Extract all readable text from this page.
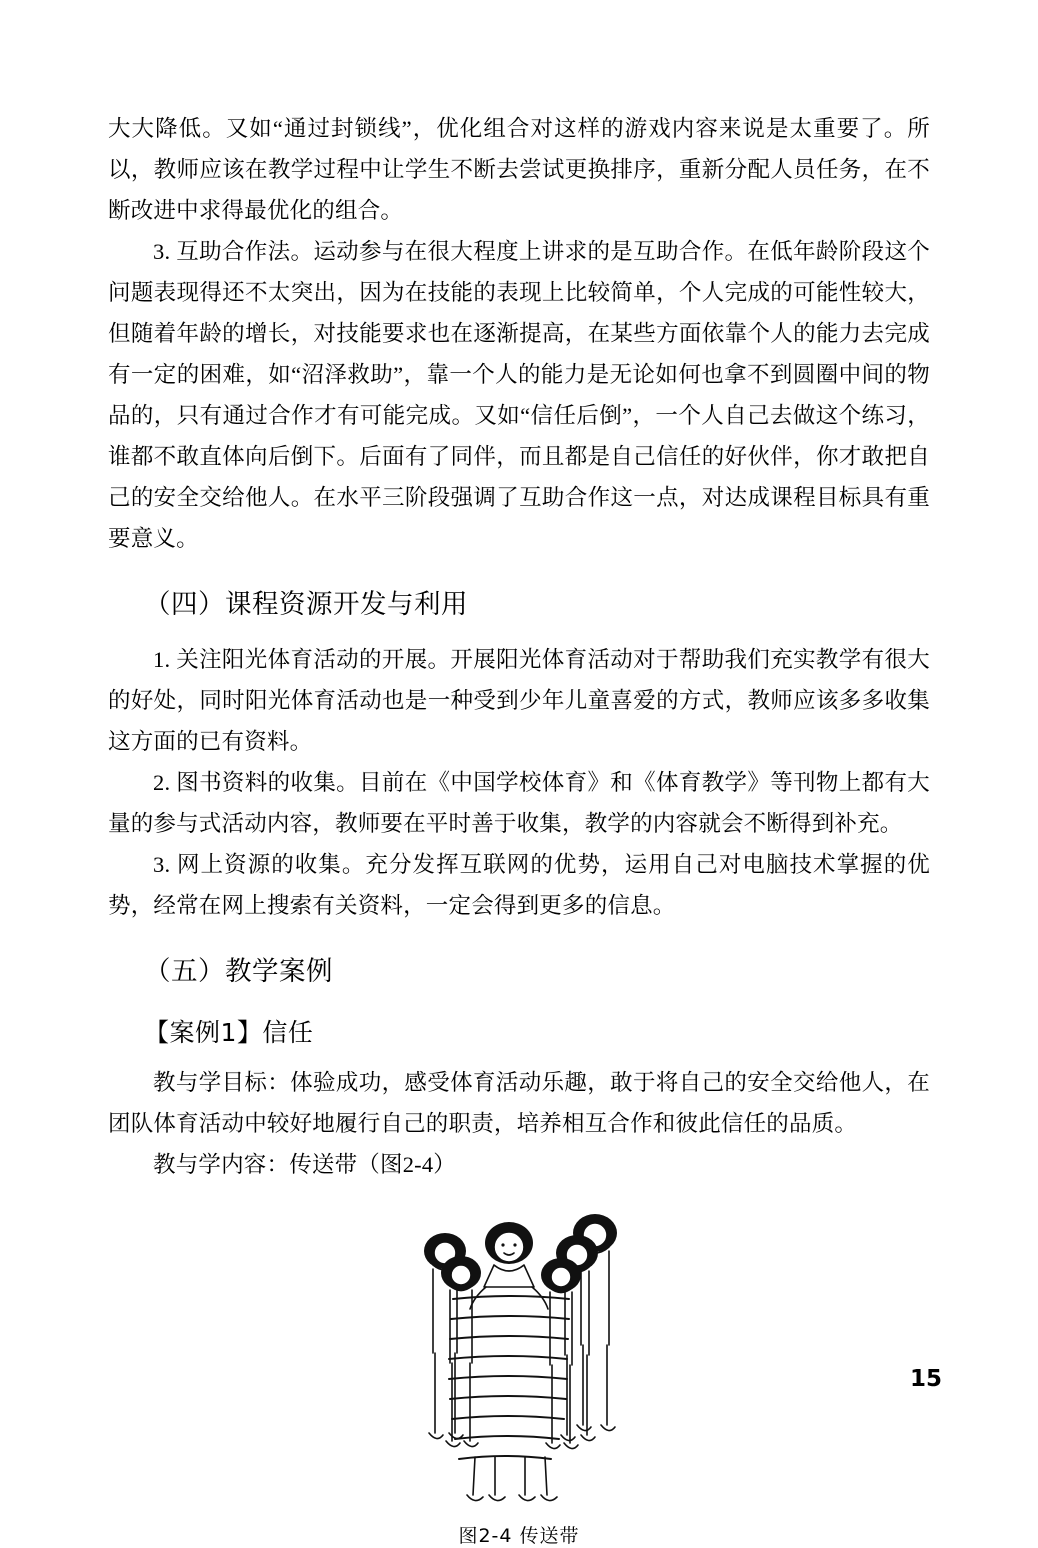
大大降低。又如“通过封锁线”，优化组合对这样的游戏内容来说是太重要了。所以，教师应该在教学过程中让学生不断去尝试更换排序，重新分配人员任务，在不断改进中求得最优化的组合。

3. 互助合作法。运动参与在很大程度上讲求的是互助合作。在低年龄阶段这个问题表现得还不太突出，因为在技能的表现上比较简单，个人完成的可能性较大，但随着年龄的增长，对技能要求也在逐渐提高，在某些方面依靠个人的能力去完成有一定的困难，如“沼泽救助”，靠一个人的能力是无论如何也拿不到圆圈中间的物品的，只有通过合作才有可能完成。又如“信任后倒”，一个人自己去做这个练习，谁都不敢直体向后倒下。后面有了同伴，而且都是自己信任的好伙伴，你才敢把自己的安全交给他人。在水平三阶段强调了互助合作这一点，对达成课程目标具有重要意义。

（四）课程资源开发与利用

1. 关注阳光体育活动的开展。开展阳光体育活动对于帮助我们充实教学有很大的好处，同时阳光体育活动也是一种受到少年儿童喜爱的方式，教师应该多多收集这方面的已有资料。

2. 图书资料的收集。目前在《中国学校体育》和《体育教学》等刊物上都有大量的参与式活动内容，教师要在平时善于收集，教学的内容就会不断得到补充。

3. 网上资源的收集。充分发挥互联网的优势，运用自己对电脑技术掌握的优势，经常在网上搜索有关资料，一定会得到更多的信息。

（五）教学案例
【案例1】信任

教与学目标：体验成功，感受体育活动乐趣，敢于将自己的安全交给他人，在团队体育活动中较好地履行自己的职责，培养相互合作和彼此信任的品质。

教与学内容：传送带（图2-4）

图2-4 传送带
15
